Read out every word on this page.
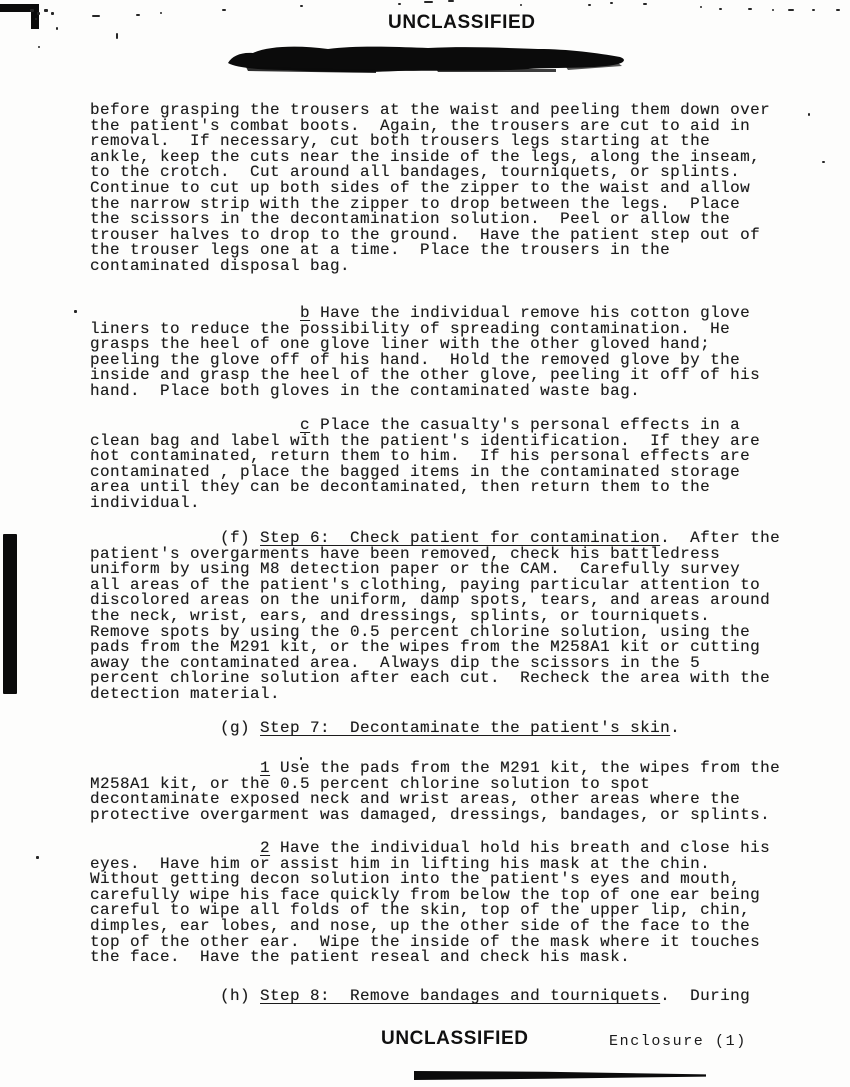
UNCLASSIFIED
before grasping the trousers at the waist and peeling them down over
the patient's combat boots.  Again, the trousers are cut to aid in
removal.  If necessary, cut both trousers legs starting at the
ankle, keep the cuts near the inside of the legs, along the inseam,
to the crotch.  Cut around all bandages, tourniquets, or splints.
Continue to cut up both sides of the zipper to the waist and allow
the narrow strip with the zipper to drop between the legs.  Place
the scissors in the decontamination solution.  Peel or allow the
trouser halves to drop to the ground.  Have the patient step out of
the trouser legs one at a time.  Place the trousers in the
contaminated disposal bag.
b Have the individual remove his cotton glove
liners to reduce the possibility of spreading contamination.  He
grasps the heel of one glove liner with the other gloved hand;
peeling the glove off of his hand.  Hold the removed glove by the
inside and grasp the heel of the other glove, peeling it off of his
hand.  Place both gloves in the contaminated waste bag.
c Place the casualty's personal effects in a
clean bag and label with the patient's identification.  If they are
not contaminated, return them to him.  If his personal effects are
contaminated , place the bagged items in the contaminated storage
area until they can be decontaminated, then return them to the
individual.
(f) Step 6:  Check patient for contamination.  After the
patient's overgarments have been removed, check his battledress
uniform by using M8 detection paper or the CAM.  Carefully survey
all areas of the patient's clothing, paying particular attention to
discolored areas on the uniform, damp spots, tears, and areas around
the neck, wrist, ears, and dressings, splints, or tourniquets.
Remove spots by using the 0.5 percent chlorine solution, using the
pads from the M291 kit, or the wipes from the M258A1 kit or cutting
away the contaminated area.  Always dip the scissors in the 5
percent chlorine solution after each cut.  Recheck the area with the
detection material.
(g) Step 7:  Decontaminate the patient's skin.
1 Use the pads from the M291 kit, the wipes from the
M258A1 kit, or the 0.5 percent chlorine solution to spot
decontaminate exposed neck and wrist areas, other areas where the
protective overgarment was damaged, dressings, bandages, or splints.
2 Have the individual hold his breath and close his
eyes.  Have him or assist him in lifting his mask at the chin.
Without getting decon solution into the patient's eyes and mouth,
carefully wipe his face quickly from below the top of one ear being
careful to wipe all folds of the skin, top of the upper lip, chin,
dimples, ear lobes, and nose, up the other side of the face to the
top of the other ear.  Wipe the inside of the mask where it touches
the face.  Have the patient reseal and check his mask.
(h) Step 8:  Remove bandages and tourniquets.  During
UNCLASSIFIED	Enclosure (1)
